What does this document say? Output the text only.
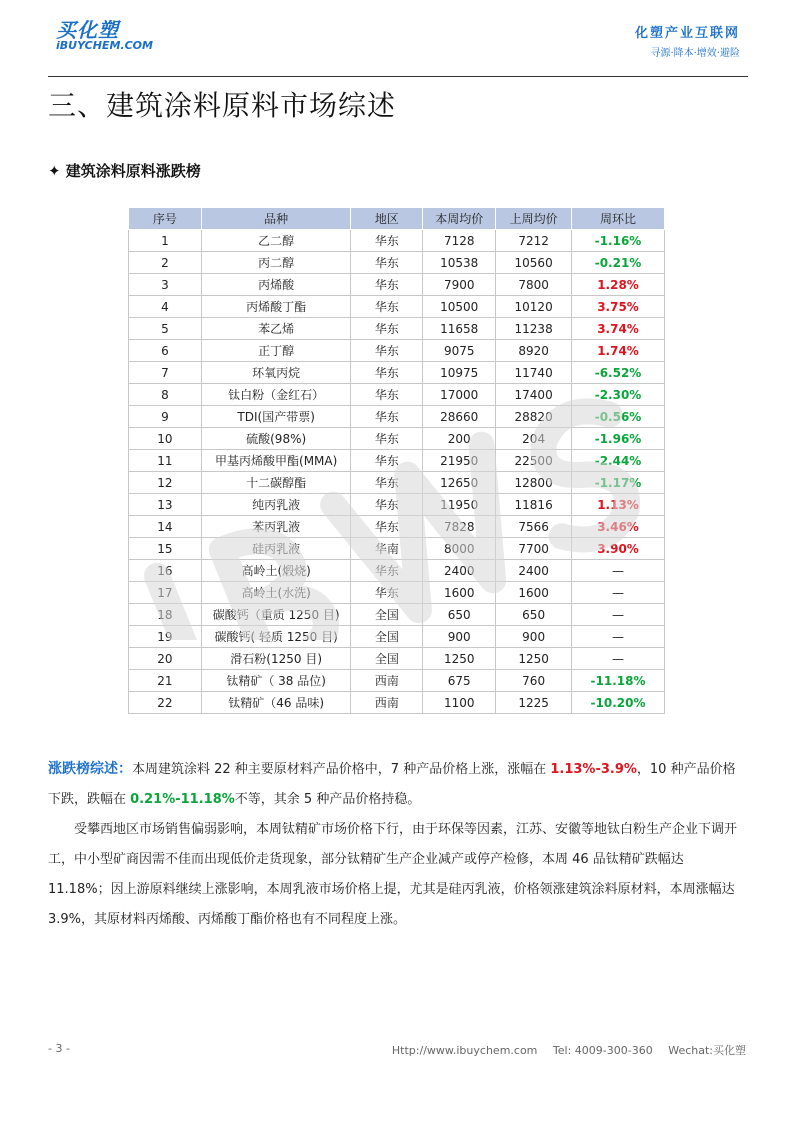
买化塑
iBUYCHEM.COM
化塑产业互联网
寻源·降本·增效·避险
三、建筑涂料原料市场综述
✦ 建筑涂料原料涨跌榜
序号	品种	地区	本周均价	上周均价	周环比
1	乙二醇	华东	7128	7212	-1.16%
2	丙二醇	华东	10538	10560	-0.21%
3	丙烯酸	华东	7900	7800	1.28%
4	丙烯酸丁酯	华东	10500	10120	3.75%
5	苯乙烯	华东	11658	11238	3.74%
6	正丁醇	华东	9075	8920	1.74%
7	环氧丙烷	华东	10975	11740	-6.52%
8	钛白粉（金红石）	华东	17000	17400	-2.30%
9	TDI(国产带票)	华东	28660	28820	-0.56%
10	硫酸(98%)	华东	200	204	-1.96%
11	甲基丙烯酸甲酯(MMA)	华东	21950	22500	-2.44%
12	十二碳醇酯	华东	12650	12800	-1.17%
13	纯丙乳液	华东	11950	11816	1.13%
14	苯丙乳液	华东	7828	7566	3.46%
15	硅丙乳液	华南	8000	7700	3.90%
16	高岭土(煅烧)	华东	2400	2400	—
17	高岭土(水洗)	华东	1600	1600	—
18	碳酸钙（重质 1250 目)	全国	650	650	—
19	碳酸钙( 轻质 1250 目)	全国	900	900	—
20	滑石粉(1250 目)	全国	1250	1250	—
21	钛精矿（ 38 品位)	西南	675	760	-11.18%
22	钛精矿（46 品味)	西南	1100	1225	-10.20%
涨跌榜综述：本周建筑涂料 22 种主要原材料产品价格中，7 种产品价格上涨，涨幅在 1.13%-3.9%，10 种产品价格下跌，跌幅在 0.21%-11.18%不等，其余 5 种产品价格持稳。
受攀西地区市场销售偏弱影响，本周钛精矿市场价格下行，由于环保等因素，江苏、安徽等地钛白粉生产企业下调开工，中小型矿商因需不佳而出现低价走货现象，部分钛精矿生产企业减产或停产检修，本周 46 品钛精矿跌幅达 11.18%；因上游原料继续上涨影响，本周乳液市场价格上提，尤其是硅丙乳液，价格领涨建筑涂料原材料，本周涨幅达 3.9%，其原材料丙烯酸、丙烯酸丁酯价格也有不同程度上涨。
- 3 -	Http://www.ibuychem.com Tel: 4009-300-360 Wechat:买化塑
